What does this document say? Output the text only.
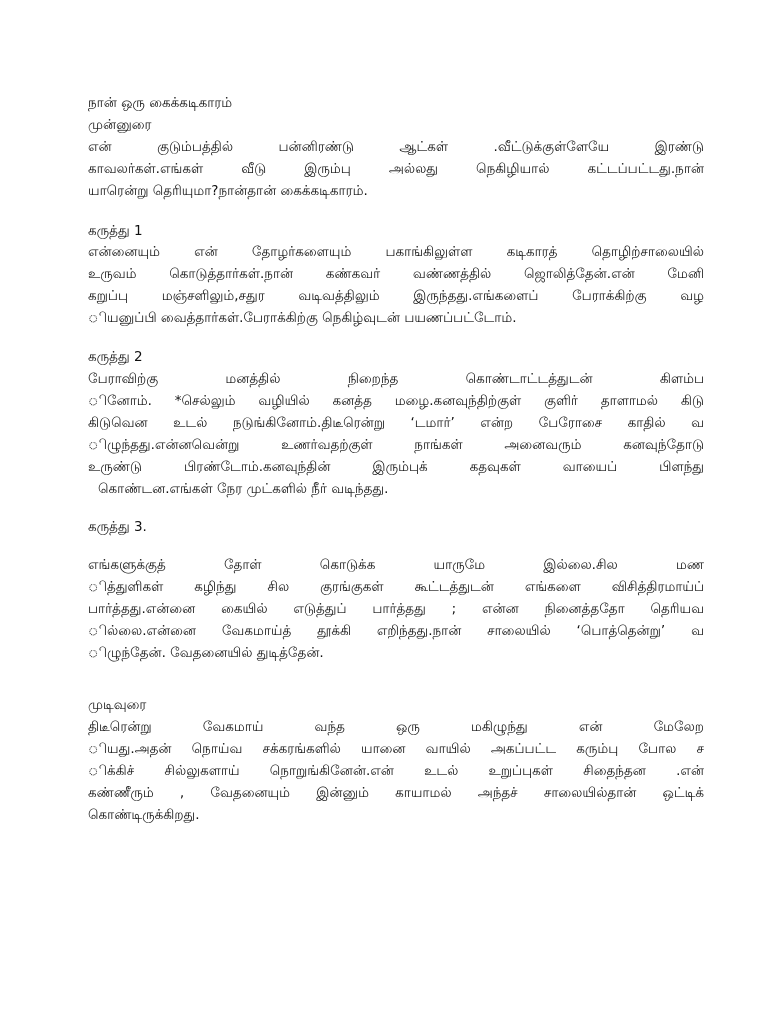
நான் ஒரு கைக்கடிகாரம்
முன்னுரை
என் குடும்பத்தில் பன்னிரண்டு ஆட்கள் .வீட்டுக்குள்ளேயே இரண்டு
காவலர்கள்.எங்கள் வீடு இரும்பு அல்லது நெகிழியால் கட்டப்பட்டது.நான்
யாரென்று தெரியுமா?நான்தான் கைக்கடிகாரம்.
கருத்து 1
என்னையும் என் தோழர்களையும் பகாங்கிலுள்ள கடிகாரத் தொழிற்சாலையில்
உருவம் கொடுத்தார்கள்.நான் கண்கவர் வண்ணத்தில் ஜொலித்தேன்.என் மேனி
கறுப்பு மஞ்சளிலும்,சதுர வடிவத்திலும் இருந்தது.எங்களைப் பேராக்கிற்கு வழ
ியனுப்பி வைத்தார்கள்.பேராக்கிற்கு நெகிழ்வுடன் பயணப்பட்டோம்.
கருத்து 2
பேராவிற்கு மனத்தில் நிறைந்த கொண்டாட்டத்துடன் கிளம்ப
ினோம். *செல்லும் வழியில் கனத்த மழை.கனவுந்திற்குள் குளிர் தாளாமல் கிடு
கிடுவென உடல் நடுங்கினோம்.திடீரென்று ‘டமார்’ என்ற பேரோசை காதில் வ
ிழுந்தது.என்னவென்று உணர்வதற்குள் நாங்கள் அனைவரும் கனவுந்தோடு
உருண்டு பிரண்டோம்.கனவுந்தின் இரும்புக் கதவுகள் வாயைப் பிளந்து
கொண்டன.எங்கள் நேர முட்களில் நீர் வடிந்தது.
கருத்து 3.
எங்களுக்குத் தோள் கொடுக்க யாருமே இல்லை.சில மண
ித்துளிகள் கழிந்து சில குரங்குகள் கூட்டத்துடன் எங்களை விசித்திரமாய்ப்
பார்த்தது.என்னை கையில் எடுத்துப் பார்த்தது ; என்ன நினைத்ததோ தெரியவ
ில்லை.என்னை வேகமாய்த் தூக்கி எறிந்தது.நான் சாலையில் ‘பொத்தென்று’ வ
ிழுந்தேன். வேதனையில் துடித்தேன்.
முடிவுரை
திடீரென்று வேகமாய் வந்த ஒரு மகிழுந்து என் மேலேற
ியது.அதன் நொய்வ சக்கரங்களில் யானை வாயில் அகப்பட்ட கரும்பு போல ச
ிக்கிச் சில்லுகளாய் நொறுங்கினேன்.என் உடல் உறுப்புகள் சிதைந்தன .என்
கண்ணீரும் , வேதனையும் இன்னும் காயாமல் அந்தச் சாலையில்தான் ஒட்டிக்
கொண்டிருக்கிறது.
